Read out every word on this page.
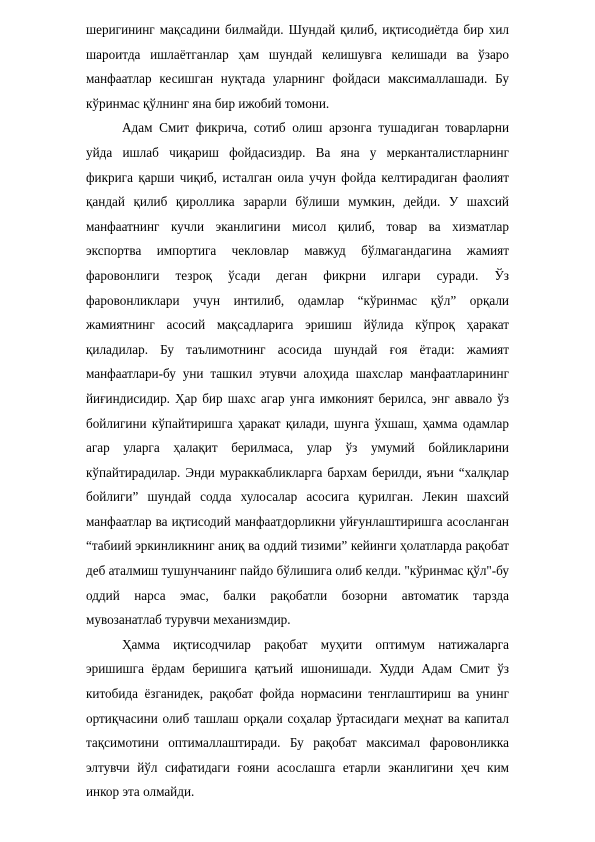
шеригининг мақсадини билмайди. Шундай қилиб, иқтисодиётда бир хил шароитда ишлаётганлар ҳам шундай келишувга келишади ва ўзаро манфаатлар кесишган нуқтада уларнинг фойдаси максималлашади. Бу кўринмас қўлнинг яна бир ижобий томони.

Адам Смит фикрича, сотиб олиш арзонга тушадиган товарларни уйда ишлаб чиқариш фойдасиздир. Ва яна у мерканталистларнинг фикрига қарши чиқиб, исталган оила учун фойда келтирадиган фаолият қандай қилиб қироллика зарарли бўлиши мумкин, дейди. У шахсий манфаатнинг кучли эканлигини мисол қилиб, товар ва хизматлар экспортва импортига чекловлар мавжуд бўлмагандагина жамият фаровонлиги тезроқ ўсади деган фикрни илгари суради. Ўз фаровонликлари учун интилиб, одамлар “кўринмас қўл” орқали жамиятнинг асосий мақсадларига эришиш йўлида кўпроқ ҳаракат қиладилар. Бу таълимотнинг асосида шундай ғоя ётади: жамият манфаатлари-бу уни ташкил этувчи алоҳида шахслар манфаатларининг йиғиндисидир. Ҳар бир шахс агар унга имконият берилса, энг аввало ўз бойлигини кўпайтиришга ҳаракат қилади, шунга ўхшаш, ҳамма одамлар агар уларга ҳалақит берилмаса, улар ўз умумий бойликларини кўпайтирадилар. Энди мураккабликларга бархам берилди, яъни “халқлар бойлиги” шундай содда хулосалар асосига қурилган. Лекин шахсий манфаатлар ва иқтисодий манфаатдорликни уйғунлаштиришга асосланган “табиий эркинликнинг аниқ ва оддий тизими” кейинги ҳолатларда рақобат деб аталмиш тушунчанинг пайдо бўлишига олиб келди. "кўринмас қўл"-бу оддий нарса эмас, балки рақобатли бозорни автоматик тарзда мувозанатлаб турувчи механизмдир.

Ҳамма иқтисодчилар рақобат муҳити оптимум натижаларга эришишга ёрдам беришига қатъий ишонишади. Худди Адам Смит ўз китобида ёзганидек, рақобат фойда нормасини тенглаштириш ва унинг ортиқчасини олиб ташлаш орқали соҳалар ўртасидаги меҳнат ва капитал тақсимотини оптималлаштиради. Бу рақобат максимал фаровонликка элтувчи йўл сифатидаги ғояни асослашга етарли эканлигини ҳеч ким инкор эта олмайди.
